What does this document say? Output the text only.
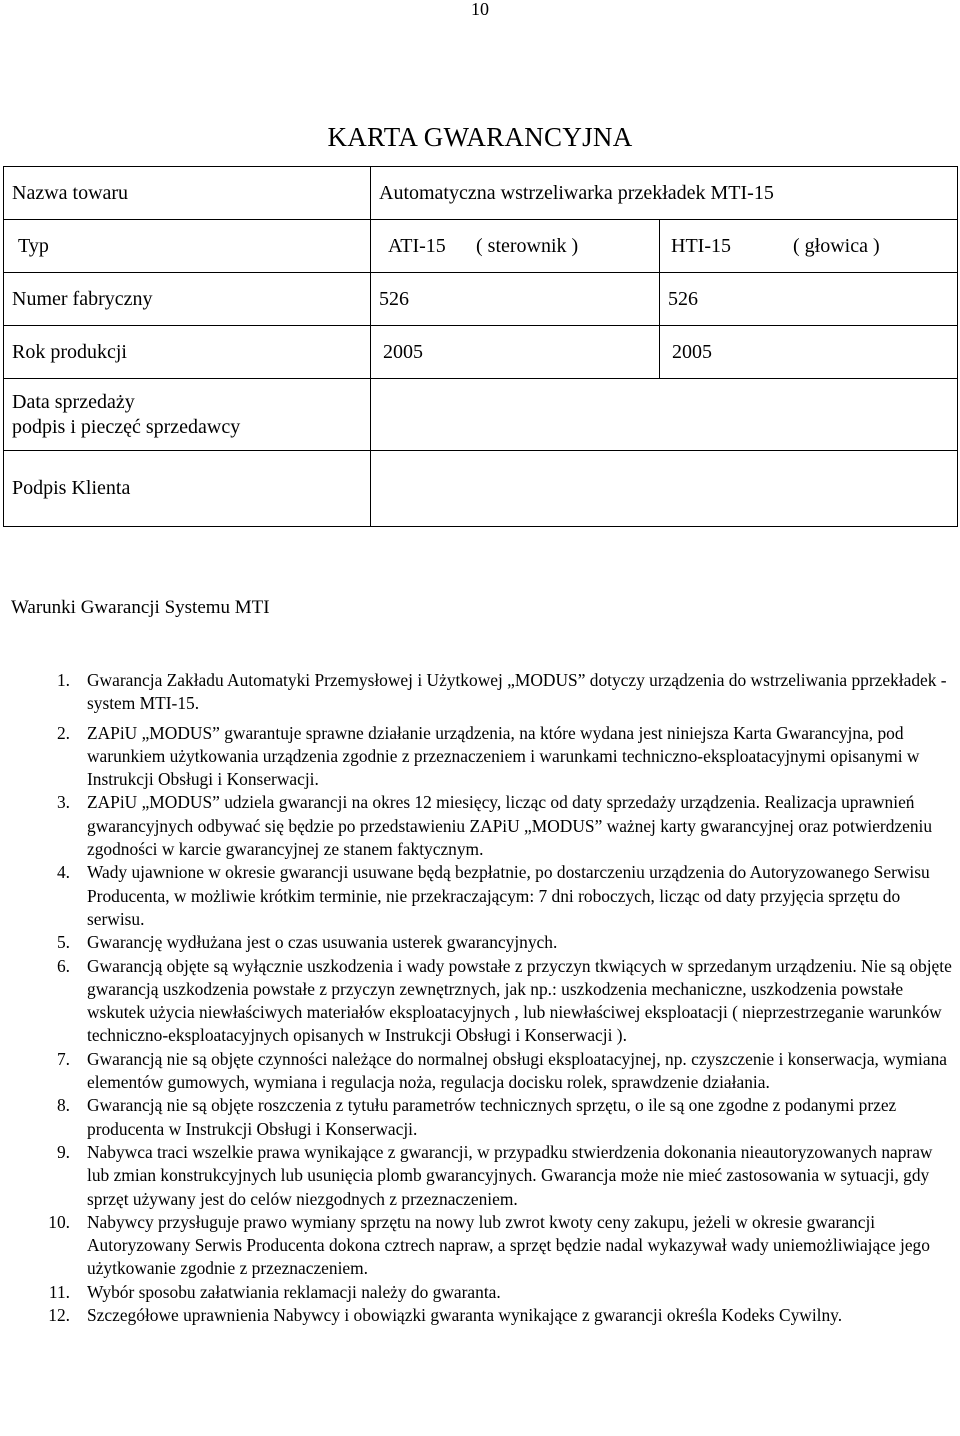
10
KARTA GWARANCYJNA
Nazwa towaru	Automatyczna wstrzeliwarka przekładek MTI-15	
Typ	ATI-15 ( sterownik )	HTI-15 ( głowica )
Numer fabryczny	526	526
Rok produkcji	2005	2005

Data sprzedaży
podpis i pieczęć sprzedawcy		

Podpis Klienta		
Warunki Gwarancji Systemu MTI
1. Gwarancja Zakładu Automatyki Przemysłowej i Użytkowej „MODUS” dotyczy urządzenia do wstrzeliwania pprzekładek - system MTI-15.
2. ZAPiU „MODUS” gwarantuje sprawne działanie urządzenia, na które wydana jest niniejsza Karta Gwarancyjna, pod warunkiem użytkowania urządzenia zgodnie z przeznaczeniem i warunkami techniczno-eksploatacyjnymi opisanymi w Instrukcji Obsługi i Konserwacji.
3. ZAPiU „MODUS” udziela gwarancji na okres 12 miesięcy, licząc od daty sprzedaży urządzenia. Realizacja uprawnień gwarancyjnych odbywać się będzie po przedstawieniu ZAPiU „MODUS” ważnej karty gwarancyjnej oraz potwierdzeniu zgodności w karcie gwarancyjnej ze stanem faktycznym.
4. Wady ujawnione w okresie gwarancji usuwane będą bezpłatnie, po dostarczeniu urządzenia do Autoryzowanego Serwisu Producenta, w możliwie krótkim terminie, nie przekraczającym: 7 dni roboczych, licząc od daty przyjęcia sprzętu do serwisu.
5. Gwarancję wydłużana jest o czas usuwania usterek gwarancyjnych.
6. Gwarancją objęte są wyłącznie uszkodzenia i wady powstałe z przyczyn tkwiących w sprzedanym urządzeniu. Nie są objęte gwarancją uszkodzenia powstałe z przyczyn zewnętrznych, jak np.: uszkodzenia mechaniczne, uszkodzenia powstałe wskutek użycia niewłaściwych materiałów eksploatacyjnych , lub niewłaściwej eksploatacji ( nieprzestrzeganie warunków techniczno-eksploatacyjnych opisanych w Instrukcji Obsługi i Konserwacji ).
7. Gwarancją nie są objęte czynności należące do normalnej obsługi eksploatacyjnej, np. czyszczenie i konserwacja, wymiana elementów gumowych, wymiana i regulacja noża, regulacja docisku rolek, sprawdzenie działania.
8. Gwarancją nie są objęte roszczenia z tytułu parametrów technicznych sprzętu, o ile są one zgodne z podanymi przez producenta w Instrukcji Obsługi i Konserwacji.
9. Nabywca traci wszelkie prawa wynikające z gwarancji, w przypadku stwierdzenia dokonania nieautoryzowanych napraw lub zmian konstrukcyjnych lub usunięcia plomb gwarancyjnych. Gwarancja może nie mieć zastosowania w sytuacji, gdy sprzęt używany jest do celów niezgodnych z przeznaczeniem.
10. Nabywcy przysługuje prawo wymiany sprzętu na nowy lub zwrot kwoty ceny zakupu, jeżeli w okresie gwarancji Autoryzowany Serwis Producenta dokona cztrech napraw, a sprzęt będzie nadal wykazywał wady uniemożliwiające jego użytkowanie zgodnie z przeznaczeniem.
11. Wybór sposobu załatwiania reklamacji należy do gwaranta.
12. Szczegółowe uprawnienia Nabywcy i obowiązki gwaranta wynikające z gwarancji określa Kodeks Cywilny.
